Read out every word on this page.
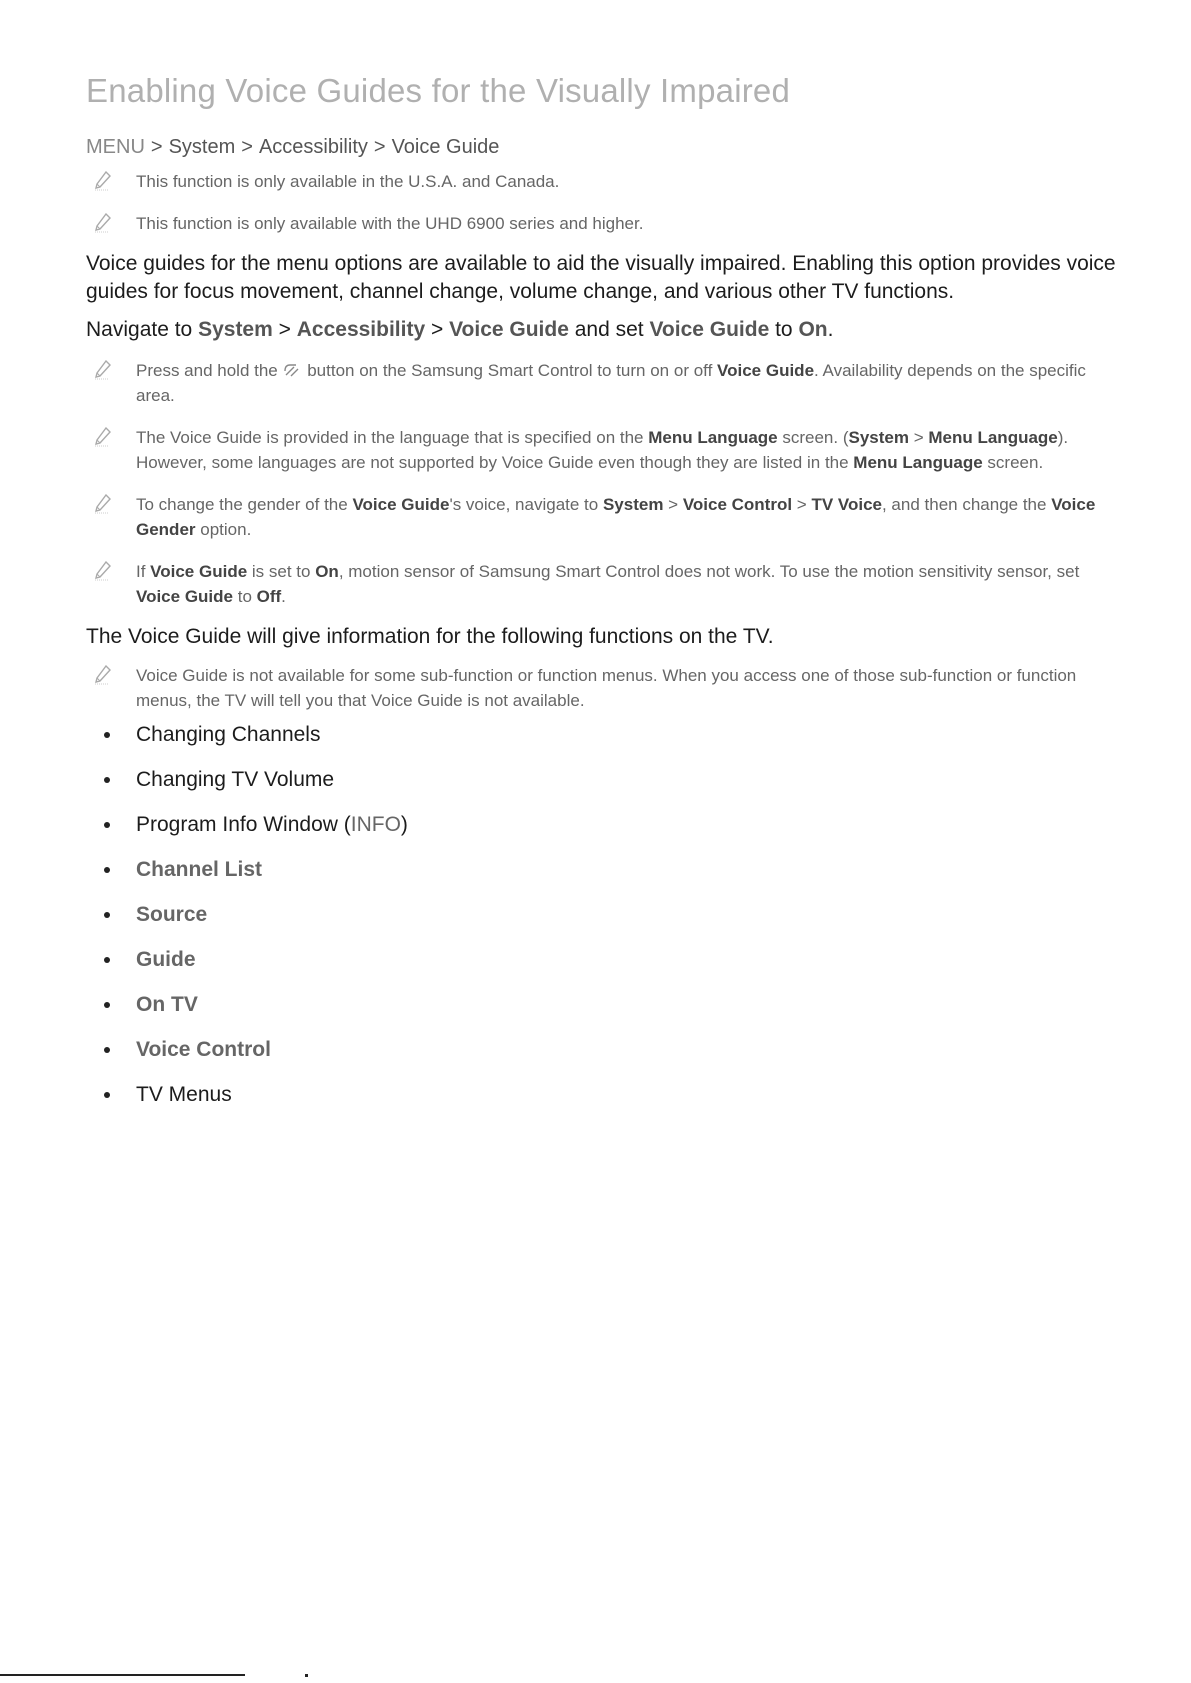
Enabling Voice Guides for the Visually Impaired
MENU > System > Accessibility > Voice Guide
This function is only available in the U.S.A. and Canada.
This function is only available with the UHD 6900 series and higher.

Voice guides for the menu options are available to aid the visually impaired. Enabling this option provides voice guides for focus movement, channel change, volume change, and various other TV functions.

Navigate to System > Accessibility > Voice Guide and set Voice Guide to On.

Press and hold the  button on the Samsung Smart Control to turn on or off Voice Guide. Availability depends on the specific area.
The Voice Guide is provided in the language that is specified on the Menu Language screen. (System > Menu Language). However, some languages are not supported by Voice Guide even though they are listed in the Menu Language screen.
To change the gender of the Voice Guide's voice, navigate to System > Voice Control > TV Voice, and then change the Voice Gender option.
If Voice Guide is set to On, motion sensor of Samsung Smart Control does not work. To use the motion sensitivity sensor, set Voice Guide to Off.

The Voice Guide will give information for the following functions on the TV.

Voice Guide is not available for some sub-function or function menus. When you access one of those sub-function or function menus, the TV will tell you that Voice Guide is not available.
Changing Channels
Changing TV Volume
Program Info Window (INFO)
Channel List
Source
Guide
On TV
Voice Control
TV Menus
